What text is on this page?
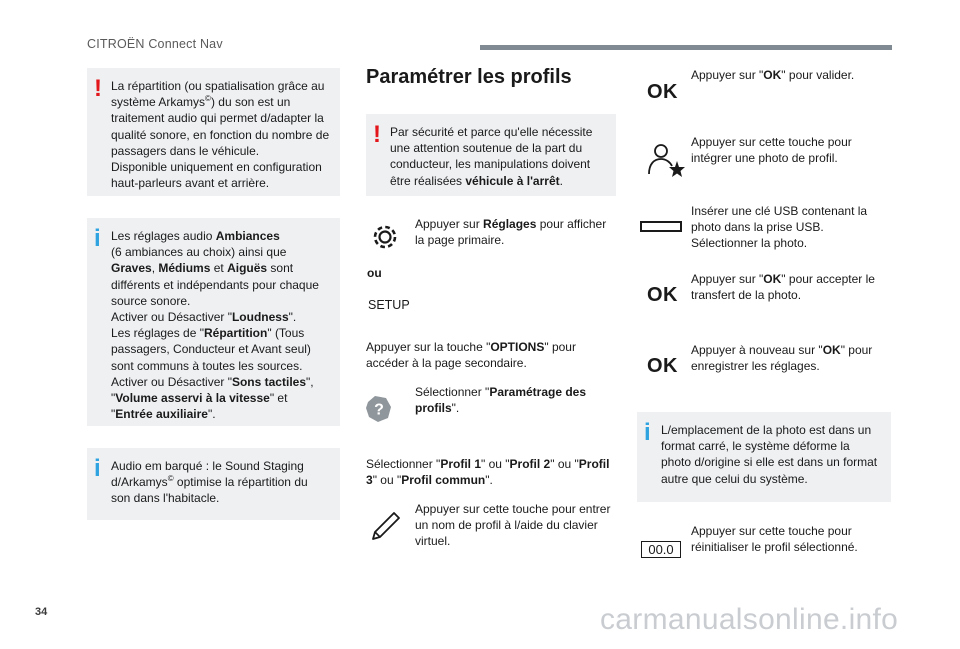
CITROËN Connect Nav
! La répartition (ou spatialisation grâce au système Arkamys©) du son est un traitement audio qui permet d/adapter la qualité sonore, en fonction du nombre de passagers dans le véhicule.
Disponible uniquement en configuration haut-parleurs avant et arrière.
i Les réglages audio Ambiances
(6 ambiances au choix) ainsi que Graves, Médiums et Aiguës sont différents et indépendants pour chaque source sonore.
Activer ou Désactiver "Loudness".
Les réglages de "Répartition" (Tous passagers, Conducteur et Avant seul) sont communs à toutes les sources.
Activer ou Désactiver "Sons tactiles", "Volume asservi à la vitesse" et "Entrée auxiliaire".
i Audio em barqué : le Sound Staging d/Arkamys© optimise la répartition du son dans l'habitacle.
Paramétrer les profils
! Par sécurité et parce qu'elle nécessite une attention soutenue de la part du conducteur, les manipulations doivent être réalisées véhicule à l'arrêt.
Appuyer sur Réglages pour afficher la page primaire.
ou
SETUP
Appuyer sur la touche "OPTIONS" pour accéder à la page secondaire.
?
Sélectionner "Paramétrage des profils".
Sélectionner "Profil 1" ou "Profil 2" ou "Profil 3" ou "Profil commun".
Appuyer sur cette touche pour entrer un nom de profil à l/aide du clavier virtuel.
OK
Appuyer sur "OK" pour valider.
Appuyer sur cette touche pour intégrer une photo de profil.
Insérer une clé USB contenant la photo dans la prise USB.
Sélectionner la photo.
OK
Appuyer sur "OK" pour accepter le transfert de la photo.
OK
Appuyer à nouveau sur "OK" pour enregistrer les réglages.
i L/emplacement de la photo est dans un format carré, le système déforme la photo d/origine si elle est dans un format autre que celui du système.
00.0
Appuyer sur cette touche pour réinitialiser le profil sélectionné.
34	carmanualsonline.info
